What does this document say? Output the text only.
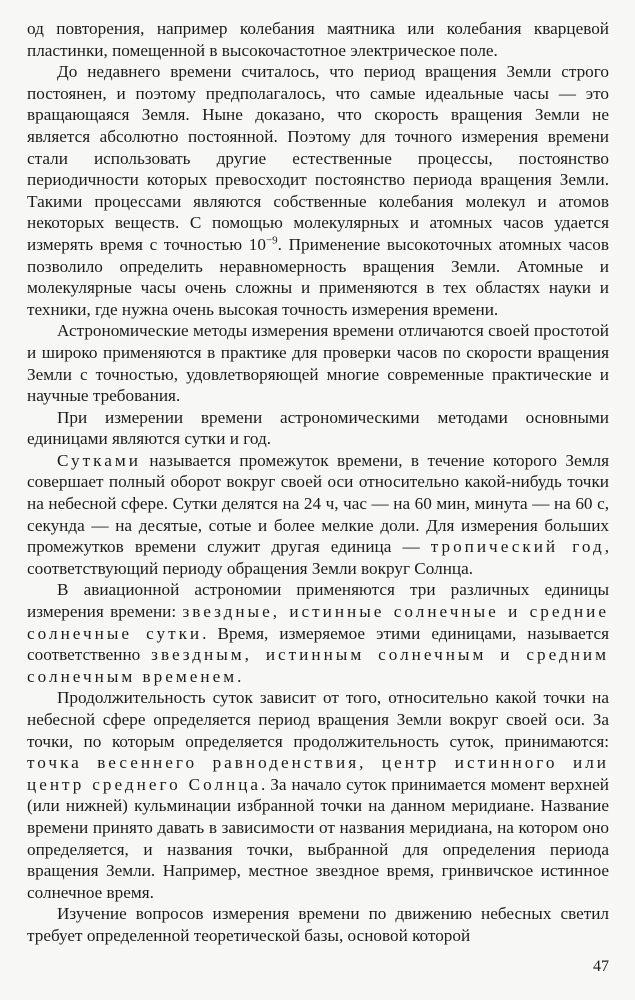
од повторения, например колебания маятника или колебания кварцевой пластинки, помещенной в высокочастотное электрическое поле.

До недавнего времени считалось, что период вращения Земли строго постоянен, и поэтому предполагалось, что самые идеальные часы — это вращающаяся Земля. Ныне доказано, что скорость вращения Земли не является абсолютно постоянной. Поэтому для точного измерения времени стали использовать другие естественные процессы, постоянство периодичности которых превосходит постоянство периода вращения Земли. Такими процессами являются собственные колебания молекул и атомов некоторых веществ. С помощью молекулярных и атомных часов удается измерять время с точностью $10^{-9}$. Применение высокоточных атомных часов позволило определить неравномерность вращения Земли. Атомные и молекулярные часы очень сложны и применяются в тех областях науки и техники, где нужна очень высокая точность измерения времени.

Астрономические методы измерения времени отличаются своей простотой и широко применяются в практике для проверки часов по скорости вращения Земли с точностью, удовлетворяющей многие современные практические и научные требования.

При измерении времени астрономическими методами основными единицами являются сутки и год.

Сутками называется промежуток времени, в течение которого Земля совершает полный оборот вокруг своей оси относительно какой-нибудь точки на небесной сфере. Сутки делятся на 24 ч, час — на 60 мин, минута — на 60 с, секунда — на десятые, сотые и более мелкие доли. Для измерения больших промежутков времени служит другая единица — тропический год, соответствующий периоду обращения Земли вокруг Солнца.

В авиационной астрономии применяются три различных единицы измерения времени: звездные, истинные солнечные и средние солнечные сутки. Время, измеряемое этими единицами, называется соответственно звездным, истинным солнечным и средним солнечным временем.

Продолжительность суток зависит от того, относительно какой точки на небесной сфере определяется период вращения Земли вокруг своей оси. За точки, по которым определяется продолжительность суток, принимаются: точка весеннего равноденствия, центр истинного или центр среднего Солнца. За начало суток принимается момент верхней (или нижней) кульминации избранной точки на данном меридиане. Название времени принято давать в зависимости от названия меридиана, на котором оно определяется, и названия точки, выбранной для определения периода вращения Земли. Например, местное звездное время, гринвичское истинное солнечное время.

Изучение вопросов измерения времени по движению небесных светил требует определенной теоретической базы, основой которой

47
